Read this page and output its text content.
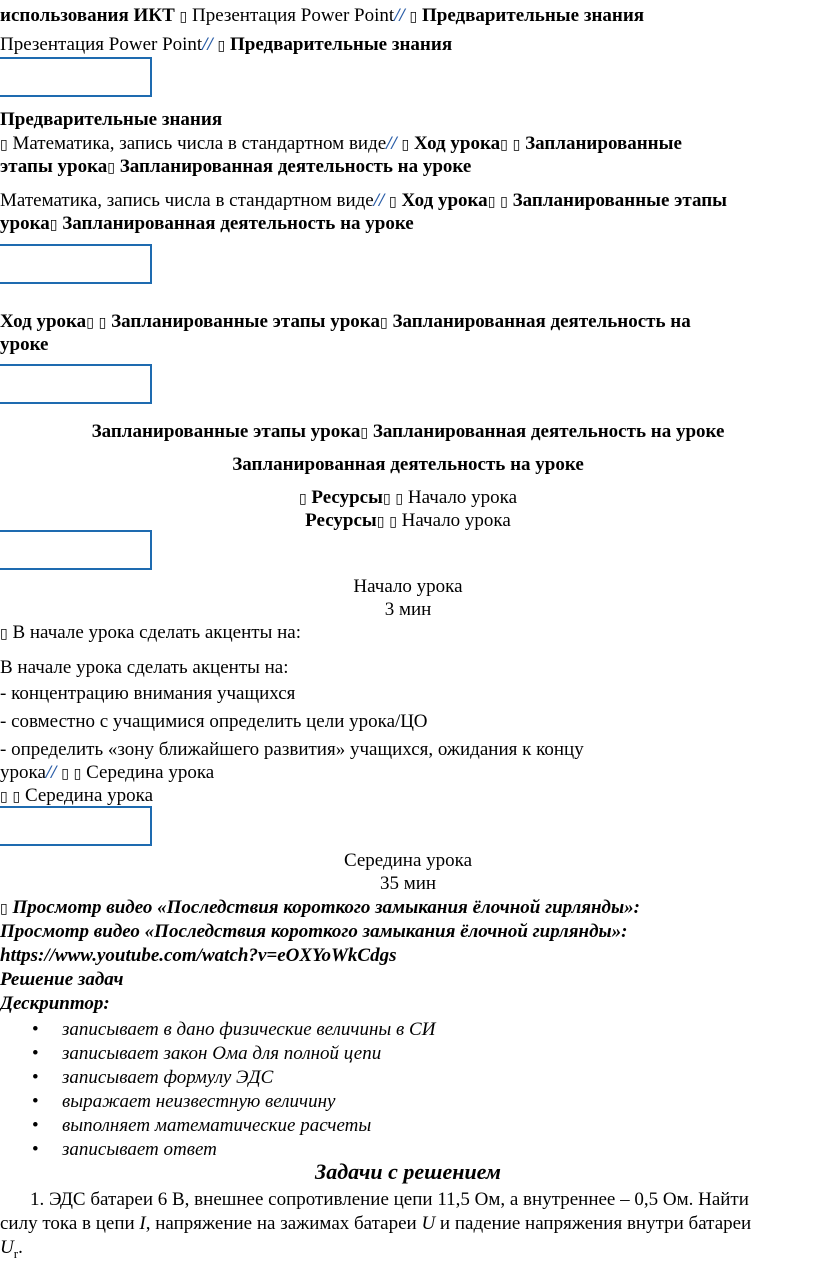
использования ИКТ ▯ Презентация Power Point// ▯ Предварительные знания
Презентация Power Point// ▯ Предварительные знания
Предварительные знания
▯ Математика, запись числа в стандартном виде// ▯ Ход урока▯ ▯ Запланированные
этапы урока▯ Запланированная деятельность на уроке
Математика, запись числа в стандартном виде// ▯ Ход урока▯ ▯ Запланированные этапы
урока▯ Запланированная деятельность на уроке
Ход урока▯ ▯ Запланированные этапы урока▯ Запланированная деятельность на
уроке
Запланированные этапы урока▯ Запланированная деятельность на уроке
Запланированная деятельность на уроке
▯ Ресурсы▯ ▯ Начало урока
Ресурсы▯ ▯ Начало урока
Начало урока
3 мин
▯ В начале урока сделать акценты на:
В начале урока сделать акценты на:
- концентрацию внимания учащихся
- совместно с учащимися определить цели урока/ЦО
- определить «зону ближайшего развития» учащихся, ожидания к концу
урока// ▯ ▯ Середина урока
▯ ▯ Середина урока
Середина урока
35 мин
▯ Просмотр видео «Последствия короткого замыкания ёлочной гирлянды»:
Просмотр видео «Последствия короткого замыкания ёлочной гирлянды»:
https://www.youtube.com/watch?v=eOXYoWkCdgs
Решение задач
Дескриптор:
• записывает в дано физические величины в СИ
• записывает закон Ома для полной цепи
• записывает формулу ЭДС
• выражает неизвестную величину
• выполняет математические расчеты
• записывает ответ
Задачи с решением
1. ЭДС батареи 6 В, внешнее сопротивление цепи 11,5 Ом, а внутреннее – 0,5 Ом. Найти
силу тока в цепи I, напряжение на зажимах батареи U и падение напряжения внутри батареи
$U_r$.
